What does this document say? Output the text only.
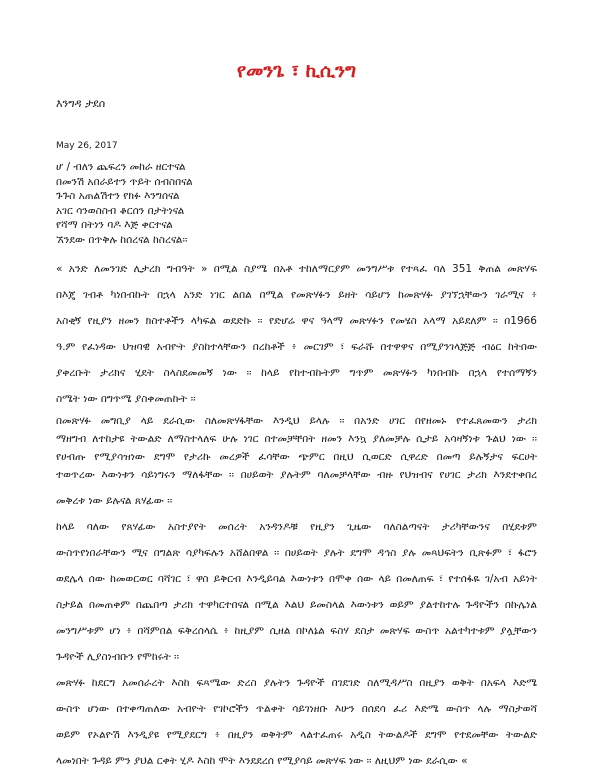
የመንጌ ፣ ኪሲንግ
እንግዳ ታደሰ
May 26, 2017
ሆ / ብለን ጨፍረን መከራ ዘርተናል
በመንሽ አበራይተን ጥይት ሰብስበናል
ጉጉስ አጠልሽተን የክፉ እንግሰናል
አገር ሳንወስስብ ቆርሰን በታትነናል
የሻማ በትነን ባዶ እጅ ቀርተናል
ኧንደው በጥቅሉ ከሰረናል ከስረናል፡፡
« አንድ ለመንገድ ሊታረክ ግብዓት » በሚል ስያሜ በአቶ ተከለማርያም መንግሥቱ የተጻፈ ባለ 351 ቅጠል መጽሃፍ
በእጄ ገብቶ ካነበብኩት በኋላ አንድ ነገር ልበል በሚል የመጽሃፉን ይዘት ሳይሆን ከመጽሃፉ ያገኘኋቸውን ገራሚና ፥
አስቂኝ የዚያን ዘመን ክስተቶችን ላካፍል ወደድኩ ፡፡ የድሆሬ ዋና ዓላማ መጽሃፉን የመሄስ አላማ አይደለም ፡፡ በ1966
ዓ.ም የፈነዳው ህዝባዊ አብዮት ያስከተላቸውን በረከቶች ፥ መርገም ፣ ፍራሹ በተዋዋና በሚያንገላጅጅ ብዕር ከትበው
ያቀረቡት ታሪክና ሂደት ስላስደመመኝ ነው ፡፡ ከላይ የከተብኩትም ግጥም መጽሃፉን ካነበብኩ በኋላ የተሰማኝን
ስሜት ነው በግጥሜ ያስቀመጠኩት ፡፡
በመጽሃፉ መግቢያ ላይ ደራሲው ስለመጽሃፋቸው እንዲህ ይላሉ ፡፡ በአንድ ሀገር በየዘመኑ የተፈጸመውን ታሪክ
ማዘግብ ለተከታዩ ትውልድ ለማስተላለፍ ሁሉ ነገር በተመቻቸበት ዘመን እንኳ ያለመቻሉ ሲታይ አሳዛኝነቱ ጉልህ ነው ፡፡
የሀብጡ የሚያሳዝነው ደግሞ የታሪኩ መረዎች ፈሳቸው ጭምር በዚህ ሲወርድ ሲዋረድ በመጣ ይሉኝታና ፍርሀት
ተወጥረው እውነቱን ሳይነግሩን ማለፋቸው ፡፡ በሀይወት ያሉትም ባለመቻላቸው ብዙ የህዝብና የሀገር ታሪክ እንደተቀበረ
መቅረቱ ነው ይሉናል ጸሃፊው ፡፡
ከላይ ባለው የጸሃፊው አስተያየት መሰረት አንዳንዶቹ የዚያን ጊዜው ባለስልጣናት ታሪካቸውንና በሂደቱም
ውስጥየነበራቸውን ሚና በግልጽ ሳያካፍሉን አሸልበዋል ፡፡ በሀይወት ያሉት ደግሞ ዳኅስ ያሉ መጻህፍትን ቢጽፉም ፣ ፋሮን
ወደሌላ ሰው ከመወርወር ባሻገር ፣ ዋስ ይቅርብ እንዲይባል እውነቱን በሞቀ ሰው ላይ በመለጠፍ ፣ የተሰፋዬ ገ/አብ አይነት
ስታይል በመጠቀም በጨበጣ ታሪክ ተዋካርተበናል በሚል እልህ ይመስላል እውነቱን ወይም ያልተከተሉ ጉዳዮችን በኩሌነል
መንግሥቱም ሆነ ፥ በሻምበል ፍቅረሰላሴ ፥ ከዚያም ሲዘል በኮለኔል ፍስሃ ደስታ መጽሃፍ ውስጥ አልተካተቱም ያሏቸውን
ጉዳዮች ሊያስነብቡን የሞከሩት ፡፡
መጽሃፉ ከደርግ አመሰራረት እስከ ፍጻሜው ድረስ ያሉትን ጉዳዮች በገደገድ ስለሚዳሥስ በዚያን ወቅት በአፍላ እድሜ
ውስጥ ሆነው በተቀጣጠለው አብዮት የገኮሮችን ጥልቀት ሳይገነዘቡ እሁን በሰደሳ ፈሪ እድሜ ውስጥ ላሉ ማስታወሻ
ወይም የኦልዮሽ እንዲያዩ የሚያደርግ ፥ በዚያን ወቅትም ላልተፈጠሩ አዲስ ትውልዶች ደግሞ የተደመቸው ትውልድ
ላመነበት ጉዳይ ምን ያህል ርቀት ሂዶ እስከ ሞት እንደደረሰ የሚያሳይ መጽሃፍ ነው ፡፡ ለዚህም ነው ደራሲው «
